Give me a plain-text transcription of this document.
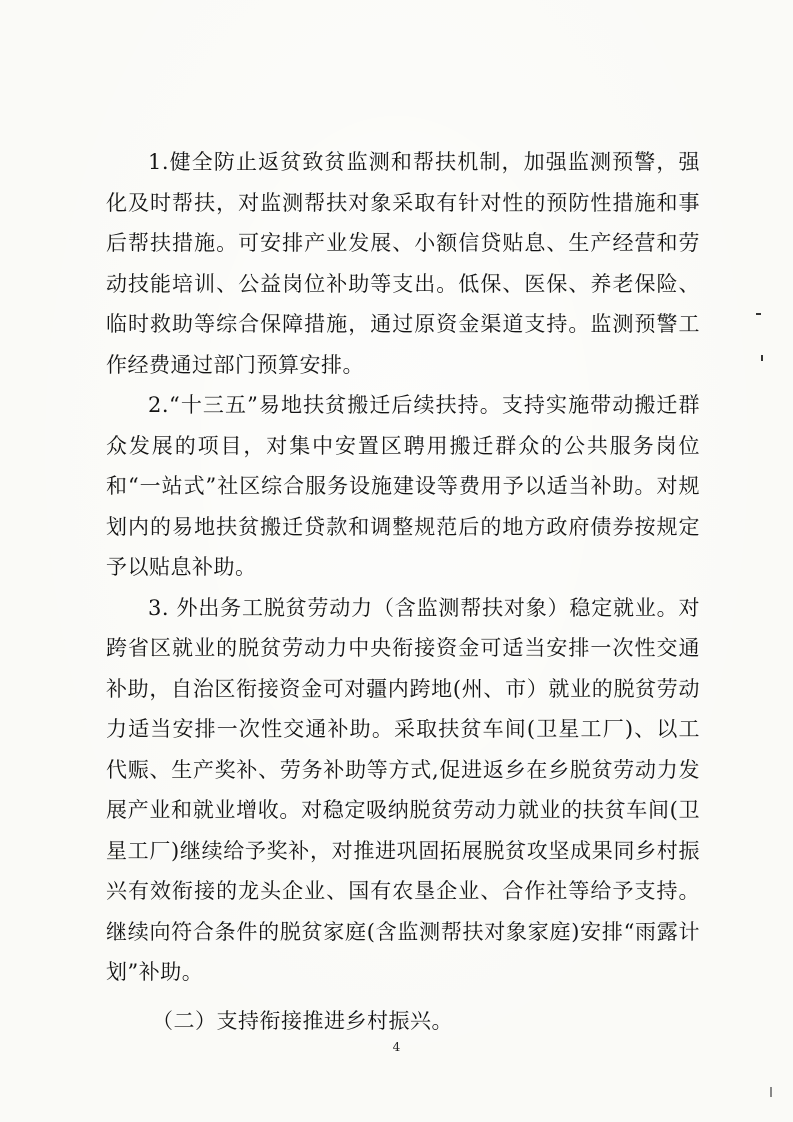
1.健全防止返贫致贫监测和帮扶机制，加强监测预警，强化及时帮扶，对监测帮扶对象采取有针对性的预防性措施和事后帮扶措施。可安排产业发展、小额信贷贴息、生产经营和劳动技能培训、公益岗位补助等支出。低保、医保、养老保险、临时救助等综合保障措施，通过原资金渠道支持。监测预警工作经费通过部门预算安排。

2.“十三五”易地扶贫搬迁后续扶持。支持实施带动搬迁群众发展的项目，对集中安置区聘用搬迁群众的公共服务岗位和“一站式”社区综合服务设施建设等费用予以适当补助。对规划内的易地扶贫搬迁贷款和调整规范后的地方政府债券按规定予以贴息补助。

3. 外出务工脱贫劳动力（含监测帮扶对象）稳定就业。对跨省区就业的脱贫劳动力中央衔接资金可适当安排一次性交通补助，自治区衔接资金可对疆内跨地(州、市）就业的脱贫劳动力适当安排一次性交通补助。采取扶贫车间(卫星工厂)、以工代赈、生产奖补、劳务补助等方式,促进返乡在乡脱贫劳动力发展产业和就业增收。对稳定吸纳脱贫劳动力就业的扶贫车间(卫星工厂)继续给予奖补，对推进巩固拓展脱贫攻坚成果同乡村振兴有效衔接的龙头企业、国有农垦企业、合作社等给予支持。继续向符合条件的脱贫家庭(含监测帮扶对象家庭)安排“雨露计划”补助。

（二）支持衔接推进乡村振兴。

4
